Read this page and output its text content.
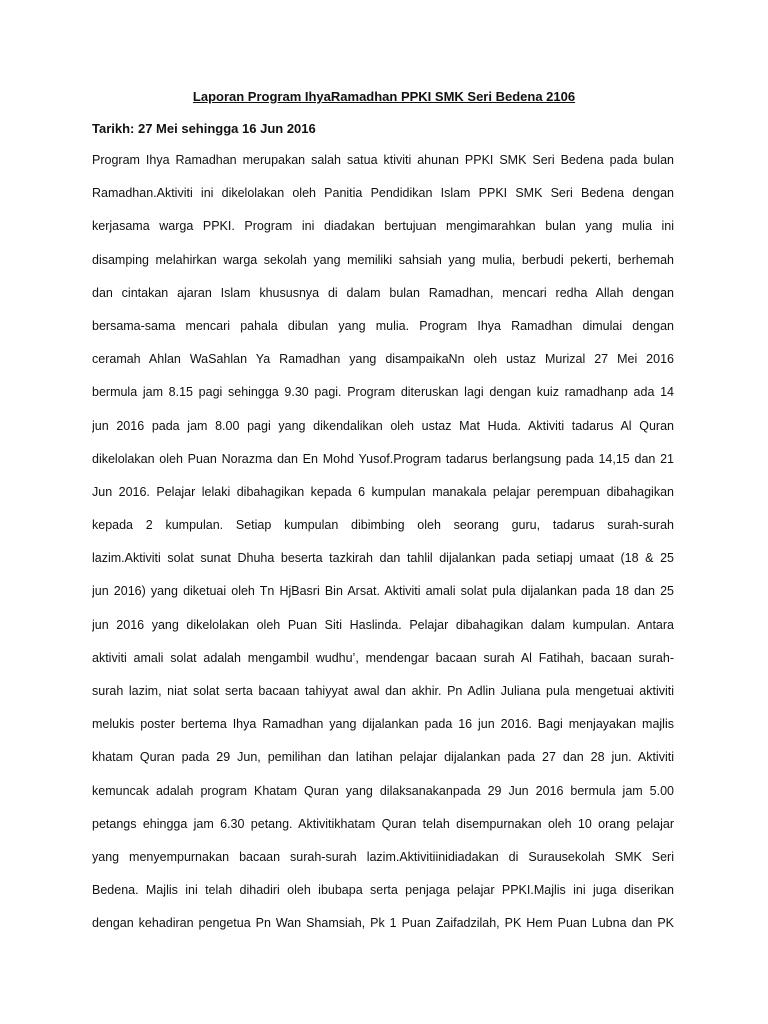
Laporan Program IhyaRamadhan PPKI SMK Seri Bedena 2106
Tarikh: 27 Mei sehingga 16 Jun 2016
Program Ihya Ramadhan merupakan salah satua ktiviti ahunan PPKI SMK Seri Bedena pada bulan
Ramadhan.Aktiviti ini dikelolakan oleh Panitia Pendidikan Islam PPKI SMK Seri Bedena dengan
kerjasama warga PPKI. Program ini diadakan bertujuan mengimarahkan bulan yang mulia ini
disamping melahirkan warga sekolah yang memiliki sahsiah yang mulia, berbudi pekerti, berhemah
dan cintakan ajaran Islam khususnya di dalam bulan Ramadhan, mencari redha Allah dengan
bersama-sama mencari pahala dibulan yang mulia. Program Ihya Ramadhan dimulai dengan
ceramah Ahlan WaSahlan Ya Ramadhan yang disampaikaNn oleh ustaz Murizal 27 Mei 2016
bermula jam 8.15 pagi sehingga 9.30 pagi. Program diteruskan lagi dengan kuiz ramadhanp ada 14
jun 2016 pada jam 8.00 pagi yang dikendalikan oleh ustaz Mat Huda. Aktiviti tadarus Al Quran
dikelolakan oleh Puan Norazma dan En Mohd Yusof.Program tadarus berlangsung pada 14,15 dan 21
Jun 2016. Pelajar lelaki dibahagikan kepada 6 kumpulan manakala pelajar perempuan dibahagikan
kepada 2 kumpulan. Setiap kumpulan dibimbing oleh seorang guru, tadarus surah-surah
lazim.Aktiviti solat sunat Dhuha beserta tazkirah dan tahlil dijalankan pada setiapj umaat (18 & 25
jun 2016) yang diketuai oleh Tn HjBasri Bin Arsat. Aktiviti amali solat pula dijalankan pada 18 dan 25
jun 2016 yang dikelolakan oleh Puan Siti Haslinda. Pelajar dibahagikan dalam kumpulan. Antara
aktiviti amali solat adalah mengambil wudhu’, mendengar bacaan surah Al Fatihah, bacaan surah-
surah lazim, niat solat serta bacaan tahiyyat awal dan akhir. Pn Adlin Juliana pula mengetuai aktiviti
melukis poster bertema Ihya Ramadhan yang dijalankan pada 16 jun 2016. Bagi menjayakan majlis
khatam Quran pada 29 Jun, pemilihan dan latihan pelajar dijalankan pada 27 dan 28 jun. Aktiviti
kemuncak adalah program Khatam Quran yang dilaksanakanpada 29 Jun 2016 bermula jam 5.00
petangs ehingga jam 6.30 petang. Aktivitikhatam Quran telah disempurnakan oleh 10 orang pelajar
yang menyempurnakan bacaan surah-surah lazim.Aktivitiinidiadakan di Surausekolah SMK Seri
Bedena. Majlis ini telah dihadiri oleh ibubapa serta penjaga pelajar PPKI.Majlis ini juga diserikan
dengan kehadiran pengetua Pn Wan Shamsiah, Pk 1 Puan Zaifadzilah, PK Hem Puan Lubna dan PK
